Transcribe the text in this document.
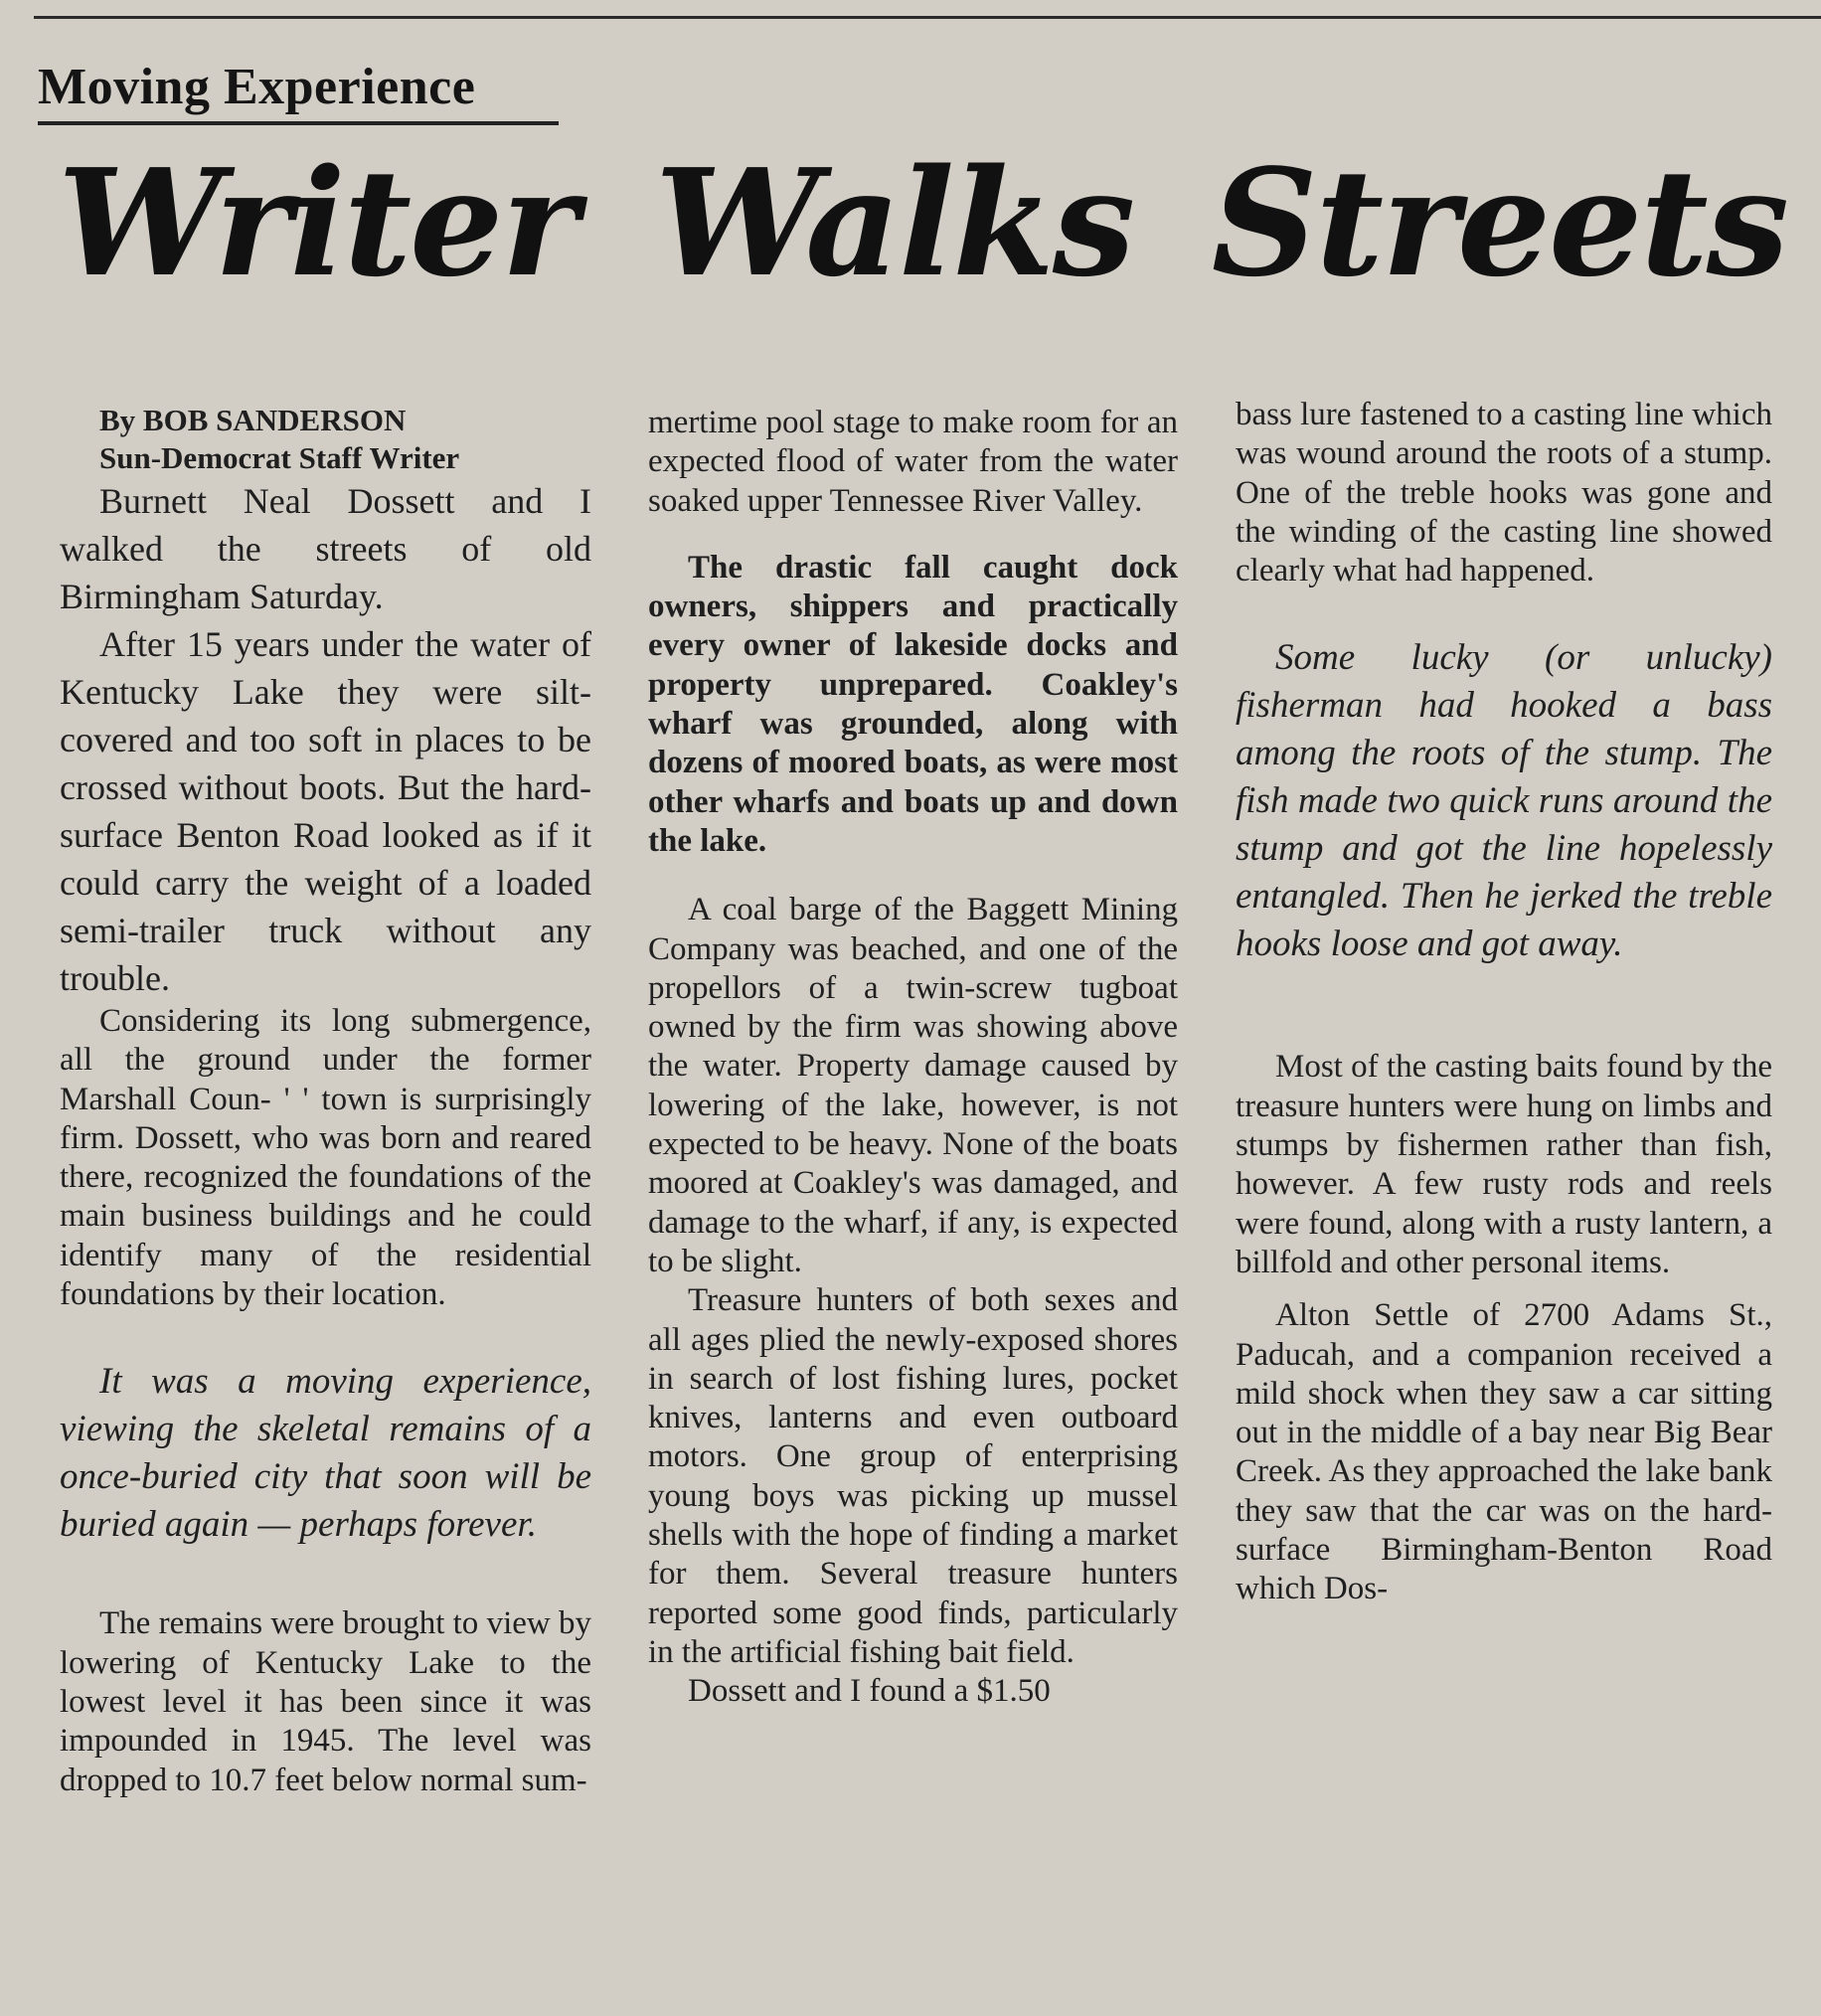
Moving Experience
Writer Walks Streets

By BOB SANDERSON

Sun-Democrat Staff Writer

Burnett Neal Dossett and I walked the streets of old Birmingham Saturday.

After 15 years under the water of Kentucky Lake they were silt-covered and too soft in places to be crossed without boots. But the hard-surface Benton Road looked as if it could carry the weight of a loaded semi-trailer truck without any trouble.

Considering its long submergence, all the ground under the former Marshall Coun- ' ' town is surprisingly firm. Dossett, who was born and reared there, recognized the foundations of the main business buildings and he could identify many of the residential foundations by their location.

It was a moving experience, viewing the skeletal remains of a once-buried city that soon will be buried again — perhaps forever.

The remains were brought to view by lowering of Kentucky Lake to the lowest level it has been since it was impounded in 1945. The level was dropped to 10.7 feet below normal sum-

mertime pool stage to make room for an expected flood of water from the water soaked upper Tennessee River Valley.

The drastic fall caught dock owners, shippers and practically every owner of lakeside docks and property unprepared. Coakley's wharf was grounded, along with dozens of moored boats, as were most other wharfs and boats up and down the lake.

A coal barge of the Baggett Mining Company was beached, and one of the propellors of a twin-screw tugboat owned by the firm was showing above the water. Property damage caused by lowering of the lake, however, is not expected to be heavy. None of the boats moored at Coakley's was damaged, and damage to the wharf, if any, is expected to be slight.

Treasure hunters of both sexes and all ages plied the newly-exposed shores in search of lost fishing lures, pocket knives, lanterns and even outboard motors. One group of enterprising young boys was picking up mussel shells with the hope of finding a market for them. Several treasure hunters reported some good finds, particularly in the artificial fishing bait field.

Dossett and I found a $1.50

bass lure fastened to a casting line which was wound around the roots of a stump. One of the treble hooks was gone and the winding of the casting line showed clearly what had happened.

Some lucky (or unlucky) fisherman had hooked a bass among the roots of the stump. The fish made two quick runs around the stump and got the line hopelessly entangled. Then he jerked the treble hooks loose and got away.

Most of the casting baits found by the treasure hunters were hung on limbs and stumps by fishermen rather than fish, however. A few rusty rods and reels were found, along with a rusty lantern, a billfold and other personal items.

Alton Settle of 2700 Adams St., Paducah, and a companion received a mild shock when they saw a car sitting out in the middle of a bay near Big Bear Creek. As they approached the lake bank they saw that the car was on the hard-surface Birmingham-Benton Road which Dos-
